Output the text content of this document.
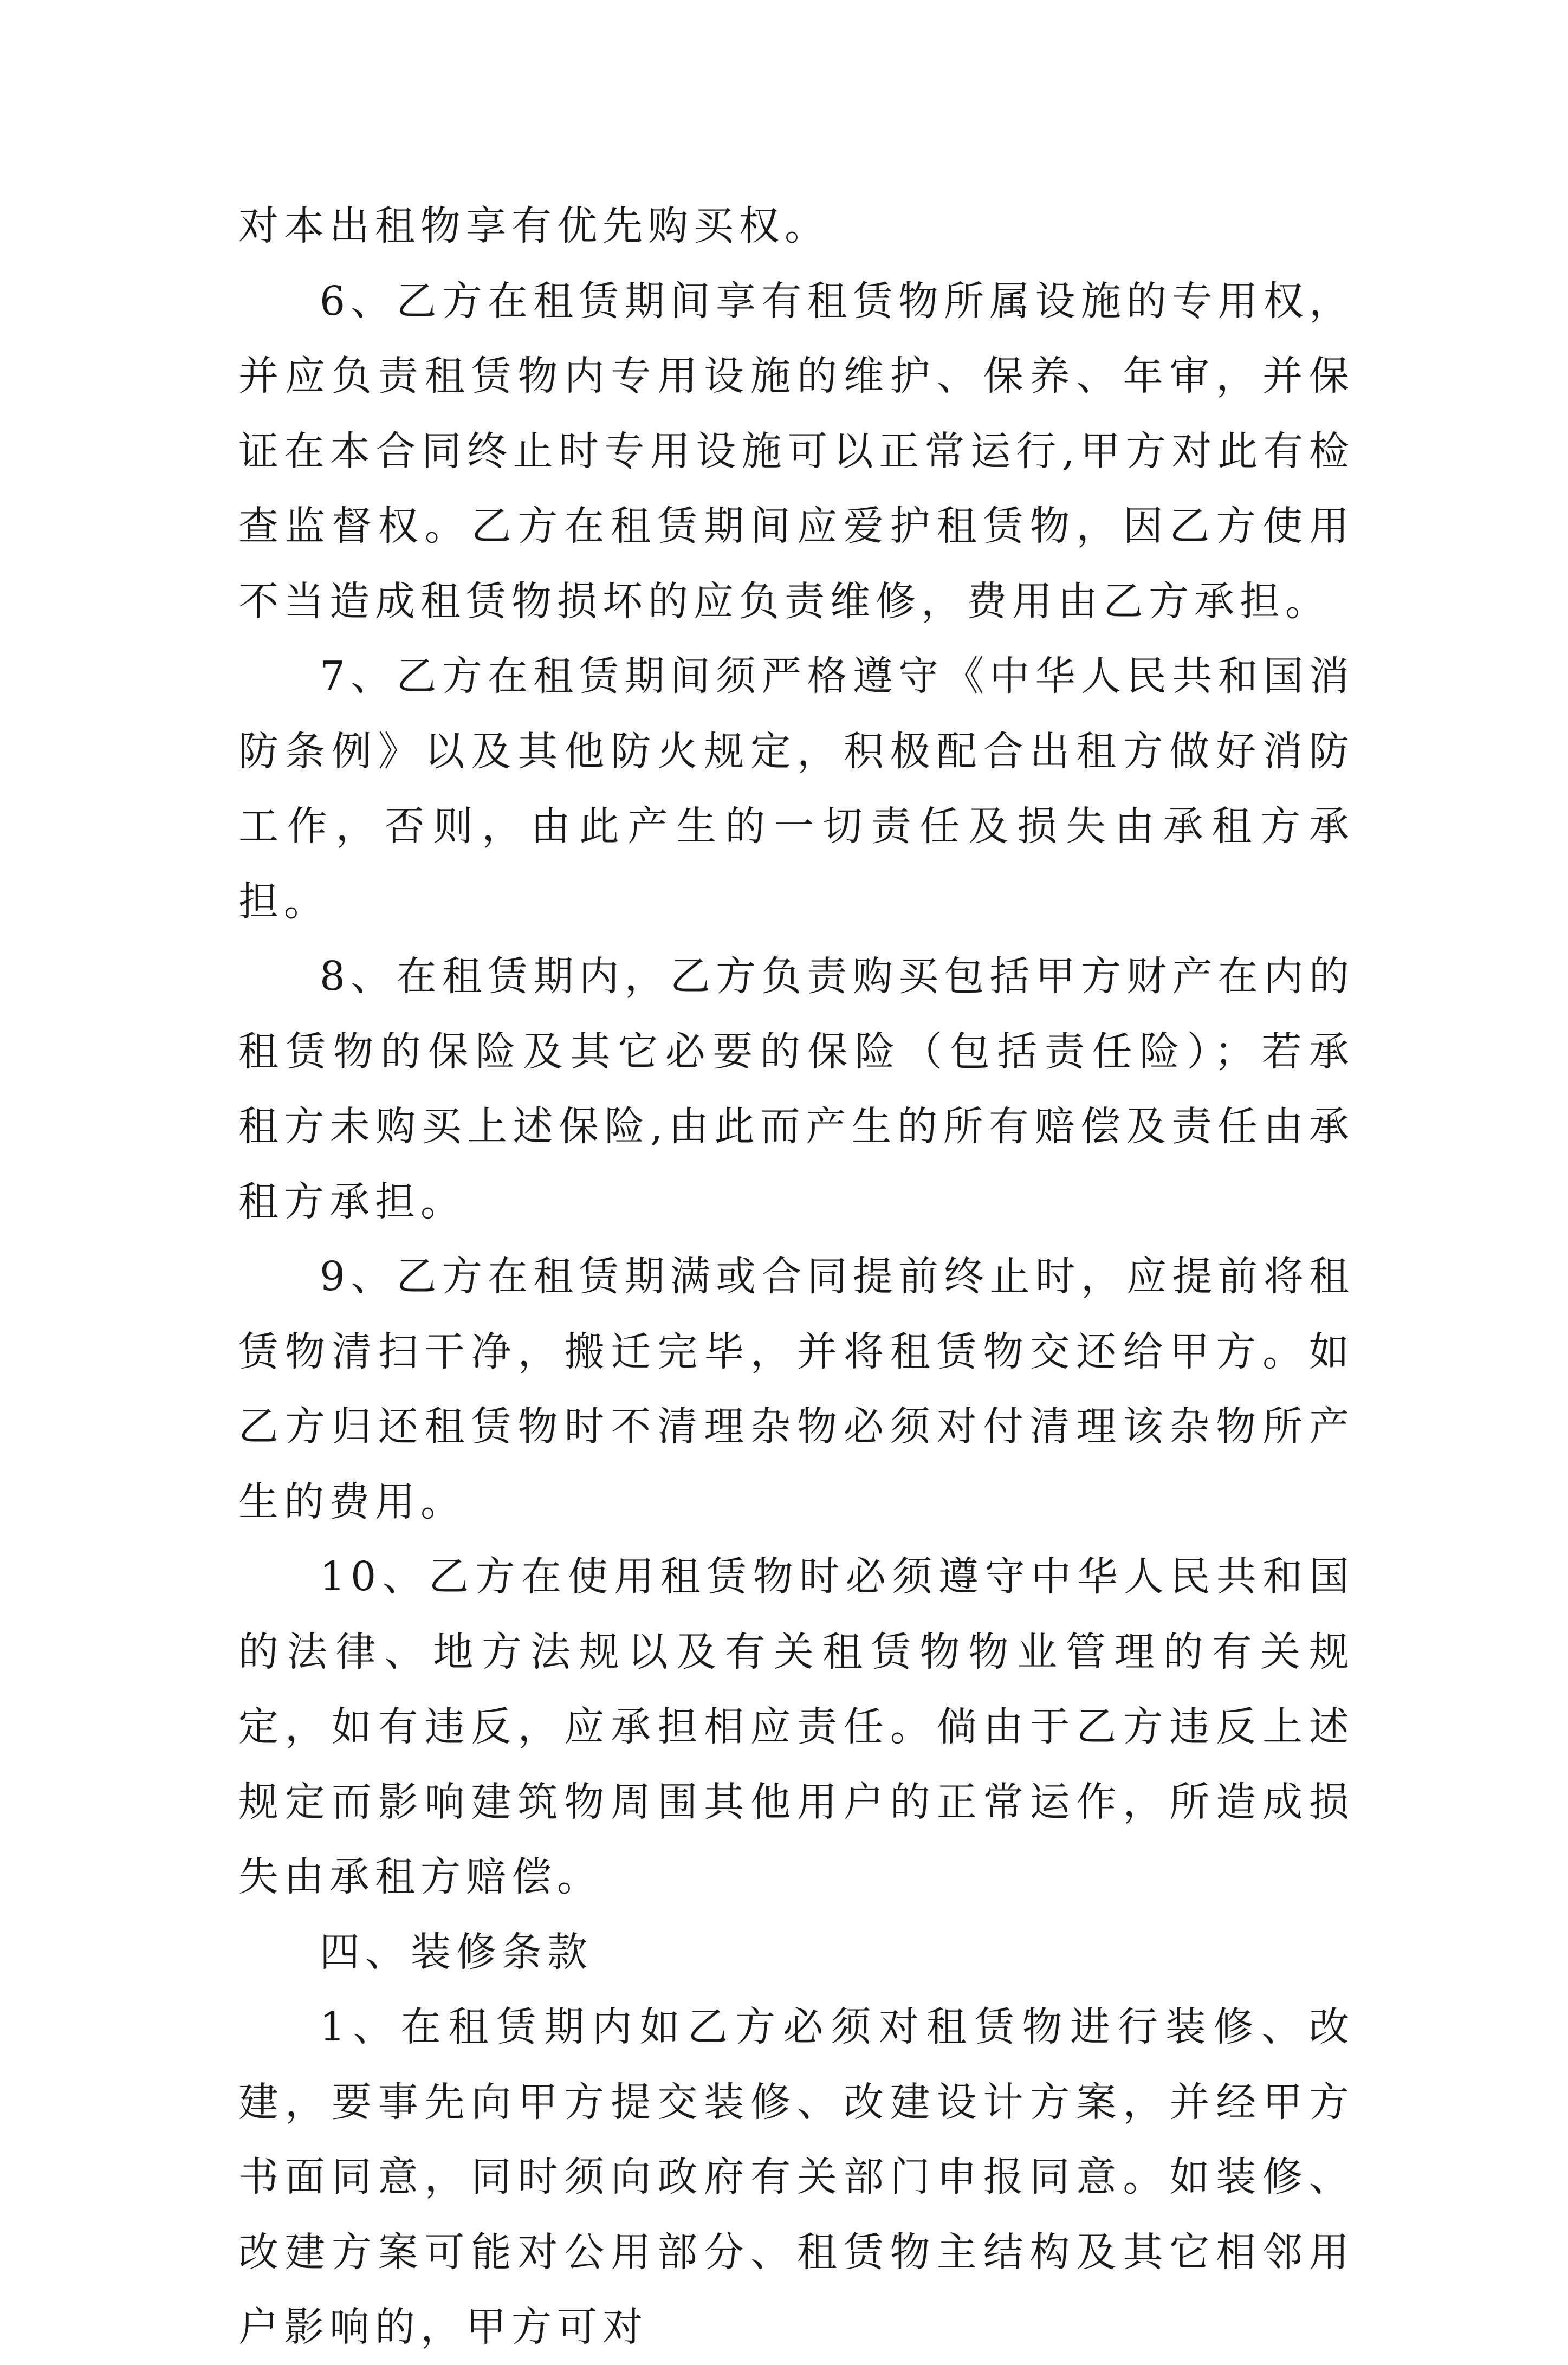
对本出租物享有优先购买权。

6、乙方在租赁期间享有租赁物所属设施的专用权，并应负责租赁物内专用设施的维护、保养、年审，并保证在本合同终止时专用设施可以正常运行,甲方对此有检查监督权。乙方在租赁期间应爱护租赁物，因乙方使用不当造成租赁物损坏的应负责维修，费用由乙方承担。

7、乙方在租赁期间须严格遵守《中华人民共和国消防条例》以及其他防火规定，积极配合出租方做好消防工作，否则，由此产生的一切责任及损失由承租方承担。

8、在租赁期内，乙方负责购买包括甲方财产在内的租赁物的保险及其它必要的保险（包括责任险）；若承租方未购买上述保险,由此而产生的所有赔偿及责任由承租方承担。

9、乙方在租赁期满或合同提前终止时，应提前将租赁物清扫干净，搬迁完毕，并将租赁物交还给甲方。如乙方归还租赁物时不清理杂物必须对付清理该杂物所产生的费用。

10、乙方在使用租赁物时必须遵守中华人民共和国的法律、地方法规以及有关租赁物物业管理的有关规定，如有违反，应承担相应责任。倘由于乙方违反上述规定而影响建筑物周围其他用户的正常运作，所造成损失由承租方赔偿。

四、装修条款

1、在租赁期内如乙方必须对租赁物进行装修、改建，要事先向甲方提交装修、改建设计方案，并经甲方书面同意，同时须向政府有关部门申报同意。如装修、改建方案可能对公用部分、租赁物主结构及其它相邻用户影响的，甲方可对
